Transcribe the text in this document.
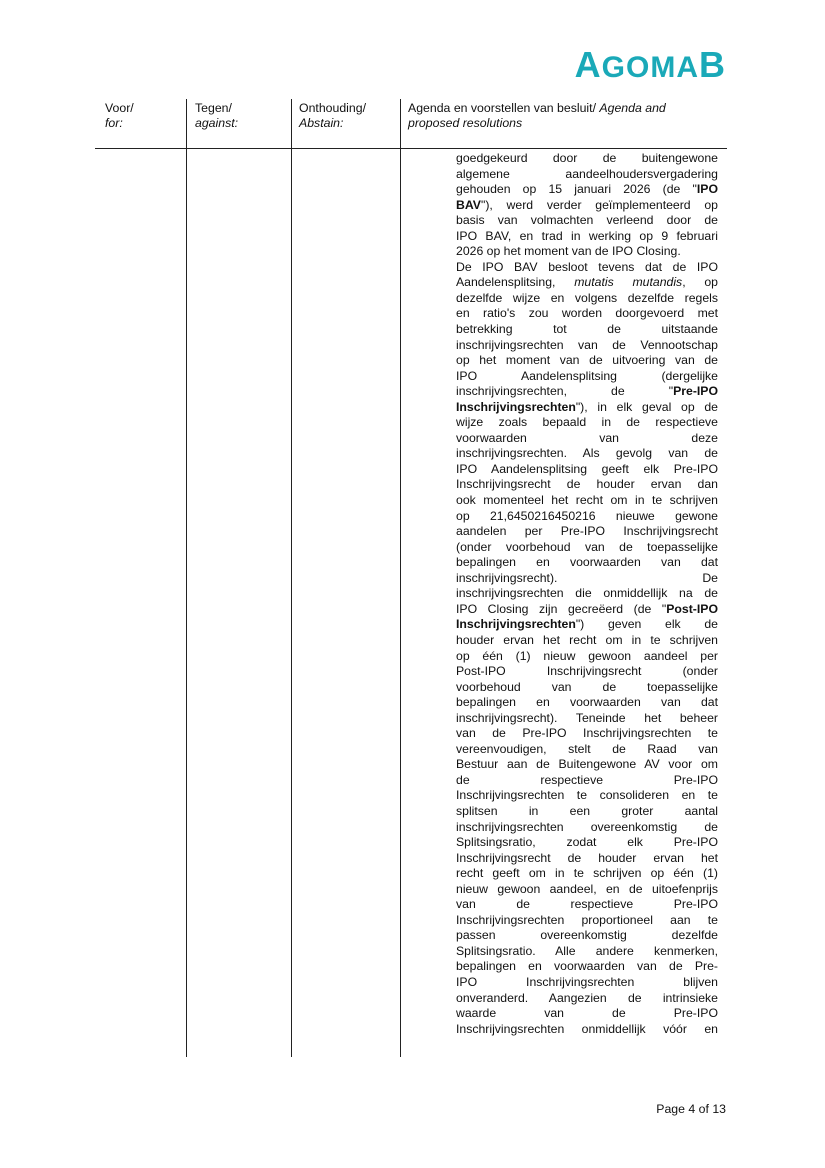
AGOMAB
Voor/
for:
Tegen/
against:
Onthouding/
Abstain:
Agenda en voorstellen van besluit/ Agenda and
proposed resolutions

goedgekeurd door de buitengewone

algemene aandeelhoudersvergadering

gehouden op 15 januari 2026 (de "IPO

BAV"), werd verder geïmplementeerd op

basis van volmachten verleend door de

IPO BAV, en trad in werking op 9 februari

2026 op het moment van de IPO Closing.

De IPO BAV besloot tevens dat de IPO

Aandelensplitsing, mutatis mutandis, op

dezelfde wijze en volgens dezelfde regels

en ratio's zou worden doorgevoerd met

betrekking tot de uitstaande

inschrijvingsrechten van de Vennootschap

op het moment van de uitvoering van de

IPO Aandelensplitsing (dergelijke

inschrijvingsrechten, de "Pre-IPO

Inschrijvingsrechten"), in elk geval op de

wijze zoals bepaald in de respectieve

voorwaarden van deze

inschrijvingsrechten. Als gevolg van de

IPO Aandelensplitsing geeft elk Pre-IPO

Inschrijvingsrecht de houder ervan dan

ook momenteel het recht om in te schrijven

op 21,6450216450216 nieuwe gewone

aandelen per Pre-IPO Inschrijvingsrecht

(onder voorbehoud van de toepasselijke

bepalingen en voorwaarden van dat

inschrijvingsrecht). De

inschrijvingsrechten die onmiddellijk na de

IPO Closing zijn gecreëerd (de "Post-IPO

Inschrijvingsrechten") geven elk de

houder ervan het recht om in te schrijven

op één (1) nieuw gewoon aandeel per

Post-IPO Inschrijvingsrecht (onder

voorbehoud van de toepasselijke

bepalingen en voorwaarden van dat

inschrijvingsrecht). Teneinde het beheer

van de Pre-IPO Inschrijvingsrechten te

vereenvoudigen, stelt de Raad van

Bestuur aan de Buitengewone AV voor om

de respectieve Pre-IPO

Inschrijvingsrechten te consolideren en te

splitsen in een groter aantal

inschrijvingsrechten overeenkomstig de

Splitsingsratio, zodat elk Pre-IPO

Inschrijvingsrecht de houder ervan het

recht geeft om in te schrijven op één (1)

nieuw gewoon aandeel, en de uitoefenprijs

van de respectieve Pre-IPO

Inschrijvingsrechten proportioneel aan te

passen overeenkomstig dezelfde

Splitsingsratio. Alle andere kenmerken,

bepalingen en voorwaarden van de Pre-

IPO Inschrijvingsrechten blijven

onveranderd. Aangezien de intrinsieke

waarde van de Pre-IPO

Inschrijvingsrechten onmiddellijk vóór en

Page 4 of 13
